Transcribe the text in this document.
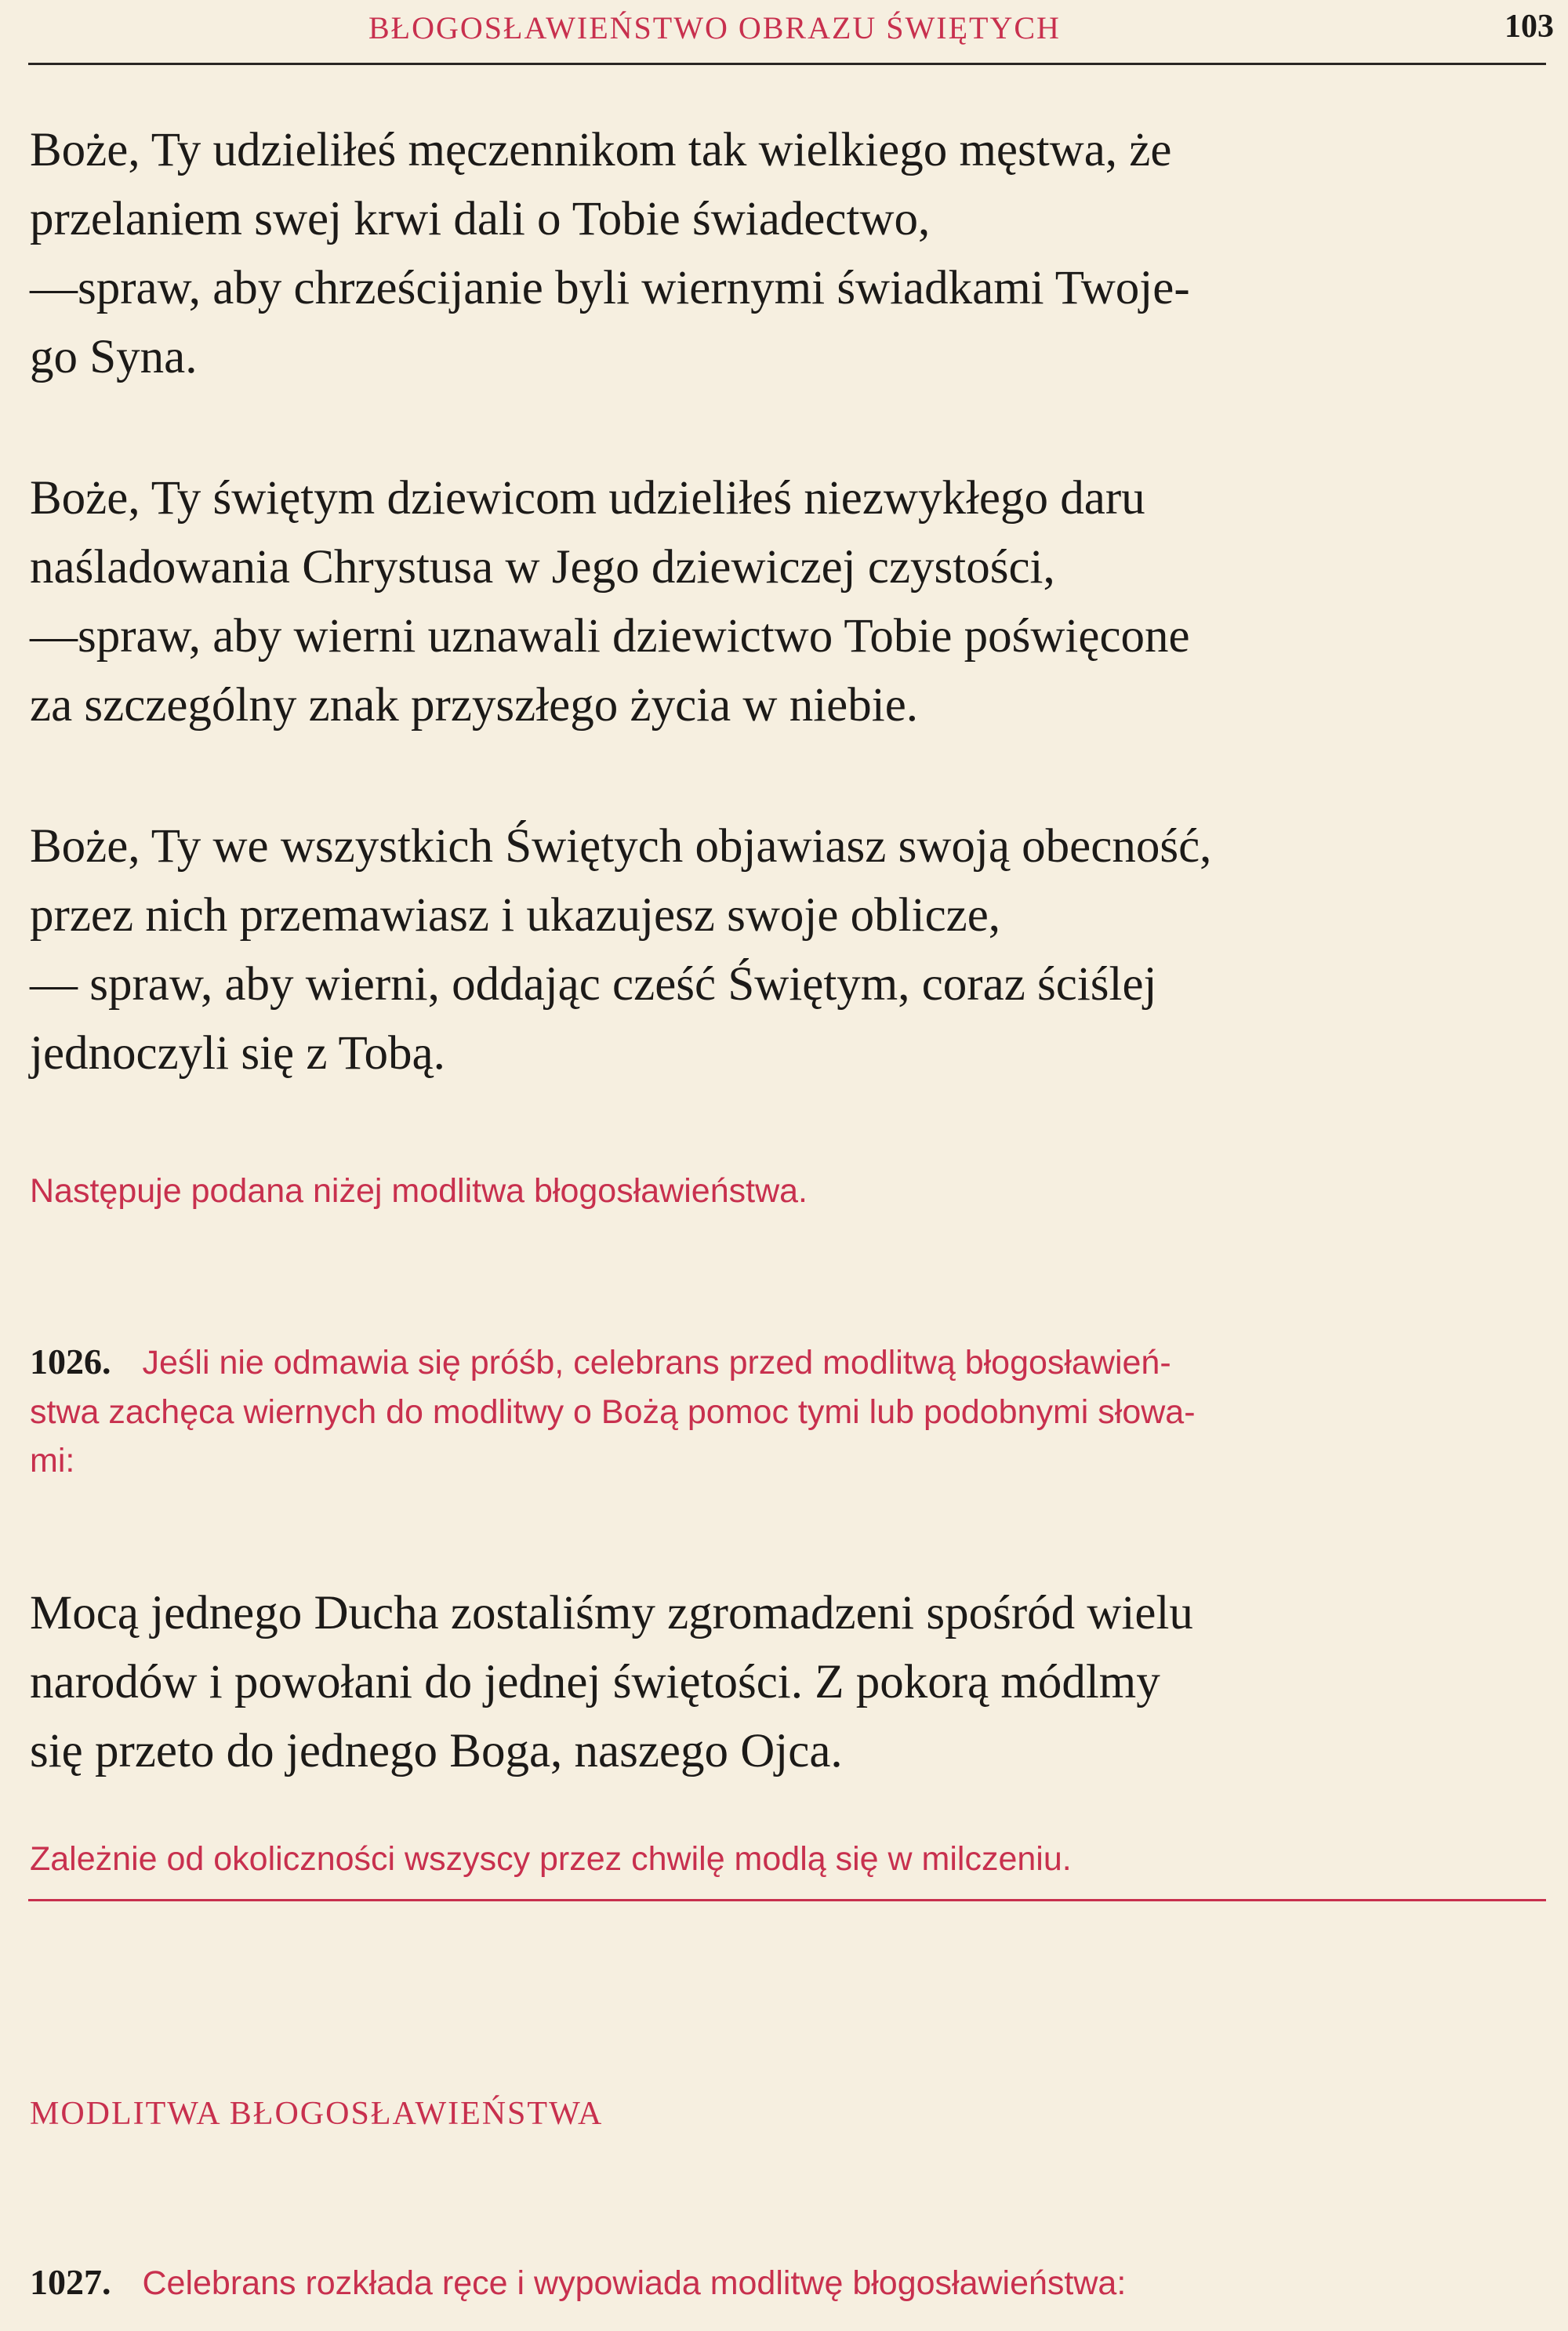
BŁOGOSŁAWIEŃSTWO OBRAZU ŚWIĘTYCH	103
Boże, Ty udzieliłeś męczennikom tak wielkiego męstwa, że
przelaniem swej krwi dali o Tobie świadectwo,
—spraw, aby chrześcijanie byli wiernymi świadkami Twoje-
go Syna.
Boże, Ty świętym dziewicom udzieliłeś niezwykłego daru
naśladowania Chrystusa w Jego dziewiczej czystości,
—spraw, aby wierni uznawali dziewictwo Tobie poświęcone
za szczególny znak przyszłego życia w niebie.
Boże, Ty we wszystkich Świętych objawiasz swoją obecność,
przez nich przemawiasz i ukazujesz swoje oblicze,
— spraw, aby wierni, oddając cześć Świętym, coraz ściślej
jednoczyli się z Tobą.
Następuje podana niżej modlitwa błogosławieństwa.
1026. Jeśli nie odmawia się próśb, celebrans przed modlitwą błogosławień-
stwa zachęca wiernych do modlitwy o Bożą pomoc tymi lub podobnymi słowa-
mi:
Mocą jednego Ducha zostaliśmy zgromadzeni spośród wielu
narodów i powołani do jednej świętości. Z pokorą módlmy
się przeto do jednego Boga, naszego Ojca.
Zależnie od okoliczności wszyscy przez chwilę modlą się w milczeniu.
MODLITWA BŁOGOSŁAWIEŃSTWA
1027. Celebrans rozkłada ręce i wypowiada modlitwę błogosławieństwa:
